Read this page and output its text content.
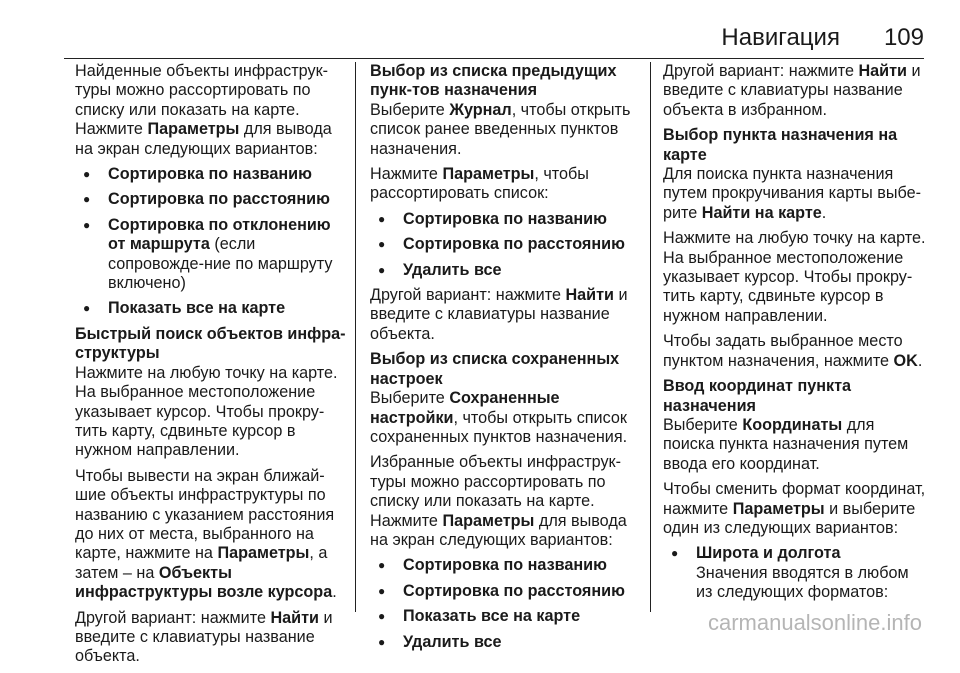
Навигация 109

Найденные объекты инфраструк-туры можно рассортировать по списку или показать на карте. Нажмите Параметры для вывода на экран следующих вариантов:

● Сортировка по названию
● Сортировка по расстоянию
● Сортировка по отклонению от маршрута (если сопровожде-ние по маршруту включено)
● Показать все на карте
Быстрый поиск объектов инфра-структуры

Нажмите на любую точку на карте. На выбранное местоположение указывает курсор. Чтобы прокру-тить карту, сдвиньте курсор в нужном направлении.

Чтобы вывести на экран ближай-шие объекты инфраструктуры по названию с указанием расстояния до них от места, выбранного на карте, нажмите на Параметры, а затем – на Объекты инфраструктуры возле курсора.

Другой вариант: нажмите Найти и введите с клавиатуры название объекта.

Выбор из списка предыдущих пунк-тов назначения

Выберите Журнал, чтобы открыть список ранее введенных пунктов назначения.

Нажмите Параметры, чтобы рассортировать список:

● Сортировка по названию
● Сортировка по расстоянию
● Удалить все

Другой вариант: нажмите Найти и введите с клавиатуры название объекта.

Выбор из списка сохраненных настроек

Выберите Сохраненные настройки, чтобы открыть список сохраненных пунктов назначения.

Избранные объекты инфраструк-туры можно рассортировать по списку или показать на карте. Нажмите Параметры для вывода на экран следующих вариантов:

● Сортировка по названию
● Сортировка по расстоянию
● Показать все на карте
● Удалить все

Другой вариант: нажмите Найти и введите с клавиатуры название объекта в избранном.

Выбор пункта назначения на карте

Для поиска пункта назначения путем прокручивания карты выбе-рите Найти на карте.

Нажмите на любую точку на карте. На выбранное местоположение указывает курсор. Чтобы прокру-тить карту, сдвиньте курсор в нужном направлении.

Чтобы задать выбранное место пунктом назначения, нажмите OK.

Ввод координат пункта назначения

Выберите Координаты для поиска пункта назначения путем ввода его координат.

Чтобы сменить формат координат, нажмите Параметры и выберите один из следующих вариантов:

● Широта и долгота
Значения вводятся в любом из следующих форматов:
carmanualsonline.info
